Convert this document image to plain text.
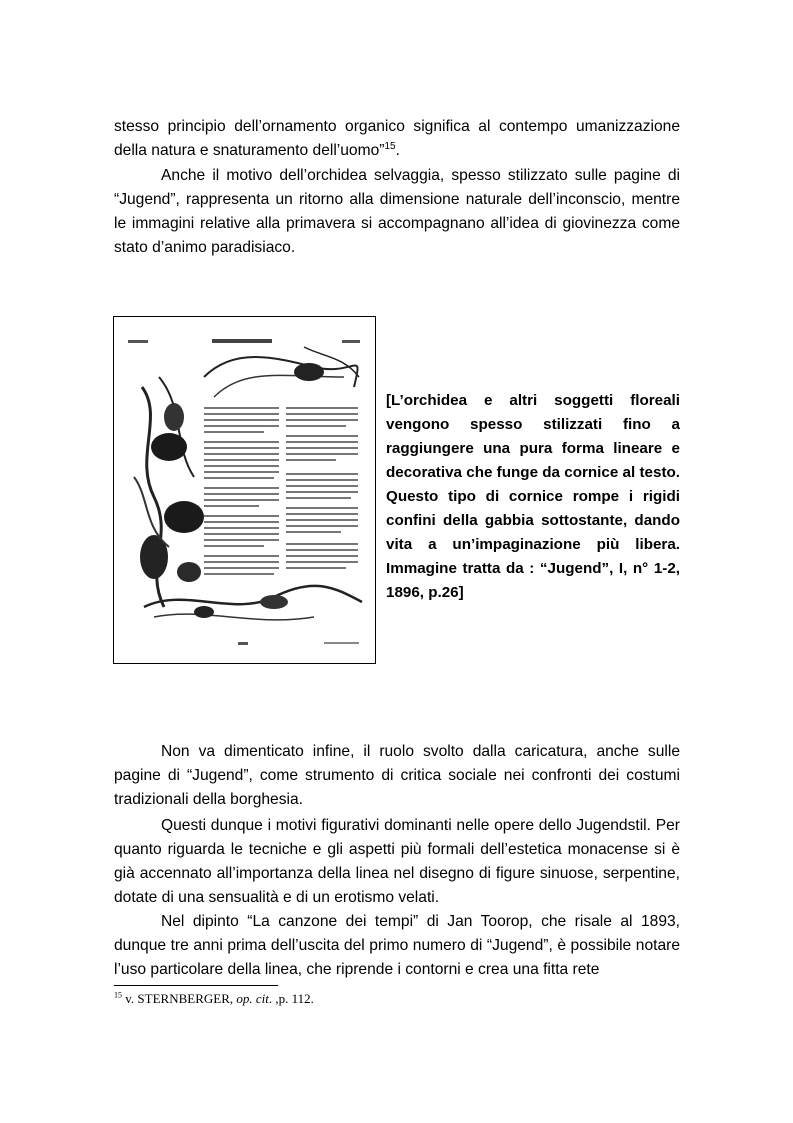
stesso principio dell’ornamento organico significa al contempo umanizzazione della natura e snaturamento dell’uomo”$^{15}$.

Anche il motivo dell’orchidea selvaggia, spesso stilizzato sulle pagine di “Jugend”, rappresenta un ritorno alla dimensione naturale dell’inconscio, mentre le immagini relative alla primavera si accompagnano all’idea di giovinezza come stato d’animo paradisiaco.

[L’orchidea e altri soggetti floreali vengono spesso stilizzati fino a raggiungere una pura forma lineare e decorativa che funge da cornice al testo. Questo tipo di cornice rompe i rigidi confini della gabbia sottostante, dando vita a un’impaginazione più libera. Immagine tratta da : “Jugend”, I, n° 1-2, 1896, p.26]

Non va dimenticato infine, il ruolo svolto dalla caricatura, anche sulle pagine di “Jugend”, come strumento di critica sociale nei confronti dei costumi tradizionali della borghesia.

Questi dunque i motivi figurativi dominanti nelle opere dello Jugendstil. Per quanto riguarda le tecniche e gli aspetti più formali dell’estetica monacense si è già accennato all’importanza della linea nel disegno di figure sinuose, serpentine, dotate di una sensualità e di un erotismo velati.

Nel dipinto “La canzone dei tempi” di Jan Toorop, che risale al 1893, dunque tre anni prima dell’uscita del primo numero di “Jugend”, è possibile notare l’uso particolare della linea, che riprende i contorni e crea una fitta rete

$^{15}$ v. STERNBERGER, op. cit. ,p. 112.
